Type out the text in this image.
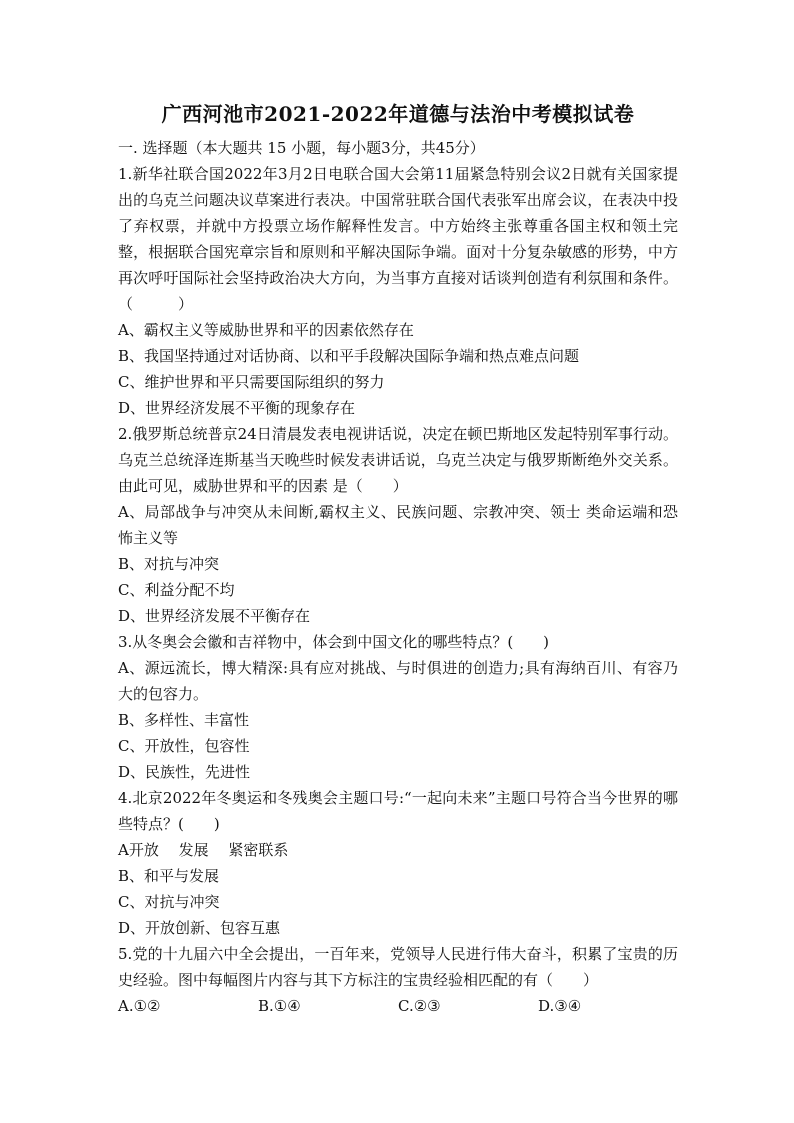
广西河池市2021-2022年道德与法治中考模拟试卷
一. 选择题（本大题共 15 小题，每小题3分，共45分）
1.新华社联合国2022年3月2日电联合国大会第11届紧急特别会议2日就有关国家提出的乌克兰问题决议草案进行表决。中国常驻联合国代表张军出席会议，在表决中投了弃权票，并就中方投票立场作解释性发言。中方始终主张尊重各国主权和领土完整，根据联合国宪章宗旨和原则和平解决国际争端。面对十分复杂敏感的形势，中方再次呼吁国际社会坚持政治决大方向，为当事方直接对话谈判创造有利氛围和条件。（　　　）
A、霸权主义等威胁世界和平的因素依然存在
B、我国坚持通过对话协商、以和平手段解决国际争端和热点难点问题
C、维护世界和平只需要国际组织的努力
D、世界经济发展不平衡的现象存在
2.俄罗斯总统普京24日清晨发表电视讲话说，决定在顿巴斯地区发起特别军事行动。乌克兰总统泽连斯基当天晚些时候发表讲话说，乌克兰决定与俄罗斯断绝外交关系。由此可见，威胁世界和平的因素 是（　　）
A、局部战争与冲突从未间断,霸权主义、民族问题、宗教冲突、领士 类命运端和恐怖主义等
B、对抗与冲突
C、利益分配不均
D、世界经济发展不平衡存在
3.从冬奥会会徽和吉祥物中，体会到中国文化的哪些特点？(　　)
A、源远流长，博大精深:具有应对挑战、与时俱进的创造力;具有海纳百川、有容乃大的包容力。
B、多样性、丰富性
C、开放性，包容性
D、民族性，先进性
4.北京2022年冬奥运和冬残奥会主题口号:“一起向未来”主题口号符合当今世界的哪些特点？(　　)
A开放　 发展　 紧密联系
B、和平与发展
C、对抗与冲突
D、开放创新、包容互惠
5.党的十九届六中全会提出，一百年来，党领导人民进行伟大奋斗，积累了宝贵的历史经验。图中每幅图片内容与其下方标注的宝贵经验相匹配的有（　　）
A.①②	B.①④	C.②③	D.③④
